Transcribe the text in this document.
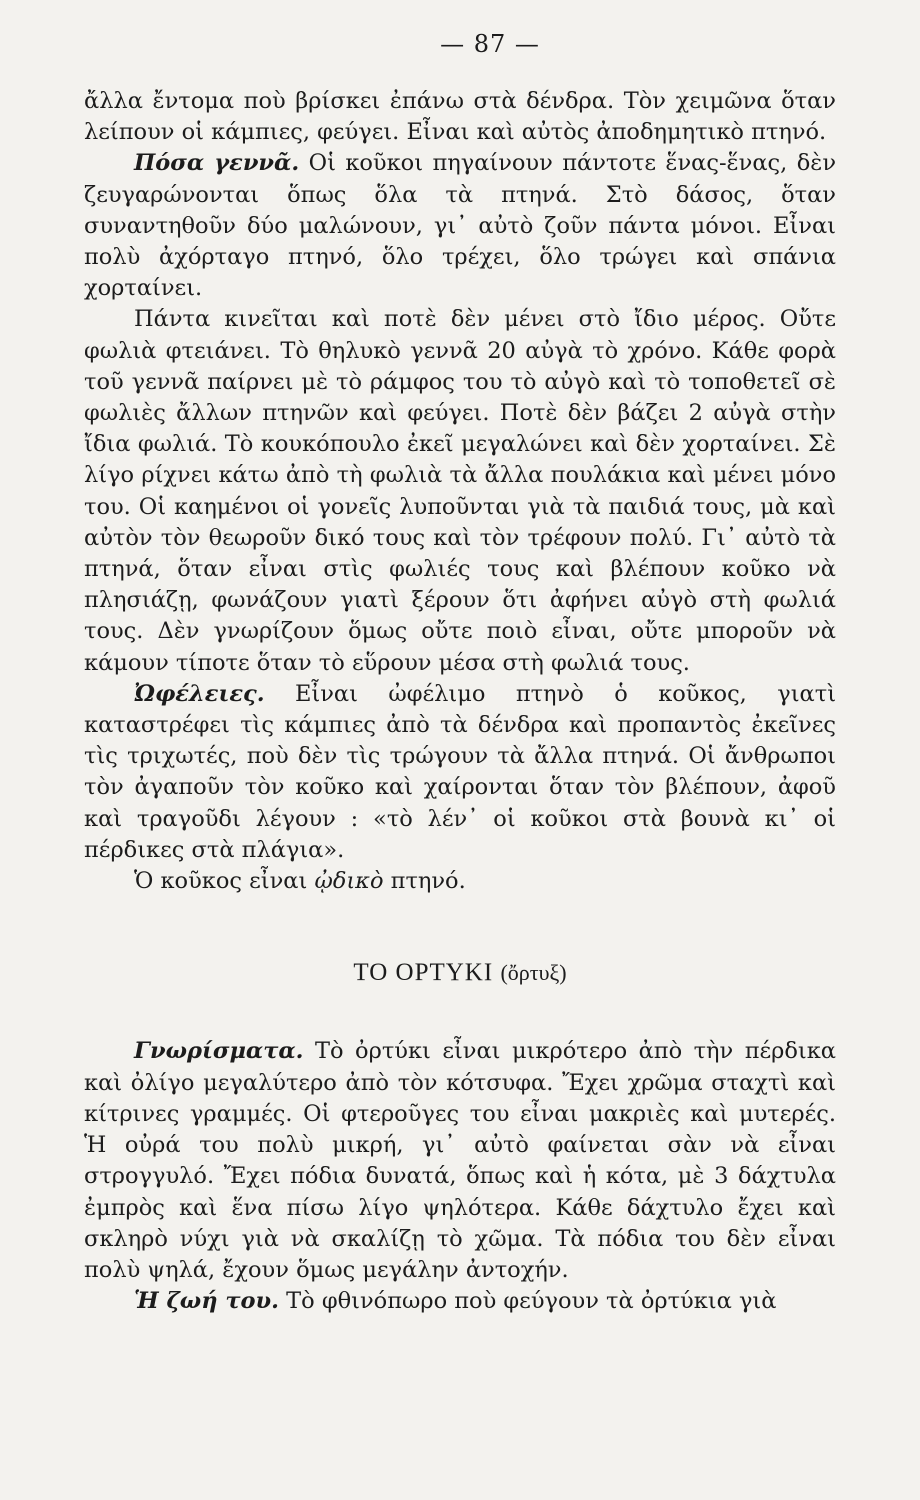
— 87 —

ἄλλα ἔντομα ποὺ βρίσκει ἐπάνω στὰ δένδρα. Τὸν χειμῶνα ὅταν λείπουν οἱ κάμπιες, φεύγει. Εἶναι καὶ αὐτὸς ἀποδημητικὸ πτηνό.

Πόσα γεννᾶ. Οἱ κοῦκοι πηγαίνουν πάντοτε ἕνας-ἕνας, δὲν ζευγαρώνονται ὅπως ὅλα τὰ πτηνά. Στὸ δάσος, ὅταν συναντηθοῦν δύο μαλώνουν, γι᾽ αὐτὸ ζοῦν πάντα μόνοι. Εἶναι πολὺ ἀχόρταγο πτηνό, ὅλο τρέχει, ὅλο τρώγει καὶ σπάνια χορταίνει.

Πάντα κινεῖται καὶ ποτὲ δὲν μένει στὸ ἴδιο μέρος. Οὔτε φωλιὰ φτειάνει. Τὸ θηλυκὸ γεννᾶ 20 αὐγὰ τὸ χρόνο. Κάθε φορὰ τοῦ γεννᾶ παίρνει μὲ τὸ ράμφος του τὸ αὐγὸ καὶ τὸ τοποθετεῖ σὲ φωλιὲς ἄλλων πτηνῶν καὶ φεύγει. Ποτὲ δὲν βάζει 2 αὐγὰ στὴν ἴδια φωλιά. Τὸ κουκόπουλο ἐκεῖ μεγαλώνει καὶ δὲν χορταίνει. Σὲ λίγο ρίχνει κάτω ἀπὸ τὴ φωλιὰ τὰ ἄλλα πουλάκια καὶ μένει μόνο του. Οἱ καημένοι οἱ γονεῖς λυποῦνται γιὰ τὰ παιδιά τους, μὰ καὶ αὐτὸν τὸν θεωροῦν δικό τους καὶ τὸν τρέφουν πολύ. Γι᾽ αὐτὸ τὰ πτηνά, ὅταν εἶναι στὶς φωλιές τους καὶ βλέπουν κοῦκο νὰ πλησιάζῃ, φωνάζουν γιατὶ ξέρουν ὅτι ἀφήνει αὐγὸ στὴ φωλιά τους. Δὲν γνωρίζουν ὅμως οὔτε ποιὸ εἶναι, οὔτε μποροῦν νὰ κάμουν τίποτε ὅταν τὸ εὕρουν μέσα στὴ φωλιά τους.

Ὠφέλειες. Εἶναι ὠφέλιμο πτηνὸ ὁ κοῦκος, γιατὶ καταστρέφει τὶς κάμπιες ἀπὸ τὰ δένδρα καὶ προπαντὸς ἐκεῖνες τὶς τριχωτές, ποὺ δὲν τὶς τρώγουν τὰ ἄλλα πτηνά. Οἱ ἄνθρωποι τὸν ἀγαποῦν τὸν κοῦκο καὶ χαίρονται ὅταν τὸν βλέπουν, ἀφοῦ καὶ τραγοῦδι λέγουν : «τὸ λέν᾽ οἱ κοῦκοι στὰ βουνὰ κι᾽ οἱ πέρδικες στὰ πλάγια».

Ὁ κοῦκος εἶναι ᾠδικὸ πτηνό.

ΤΟ ΟΡΤΥΚΙ (ὄρτυξ)

Γνωρίσματα. Τὸ ὀρτύκι εἶναι μικρότερο ἀπὸ τὴν πέρδικα καὶ ὀλίγο μεγαλύτερο ἀπὸ τὸν κότσυφα. Ἔχει χρῶμα σταχτὶ καὶ κίτρινες γραμμές. Οἱ φτεροῦγες του εἶναι μακριὲς καὶ μυτερές. Ἡ οὐρά του πολὺ μικρή, γι᾽ αὐτὸ φαίνεται σὰν νὰ εἶναι στρογγυλό. Ἔχει πόδια δυνατά, ὅπως καὶ ἡ κότα, μὲ 3 δάχτυλα ἐμπρὸς καὶ ἕνα πίσω λίγο ψηλότερα. Κάθε δάχτυλο ἔχει καὶ σκληρὸ νύχι γιὰ νὰ σκαλίζῃ τὸ χῶμα. Τὰ πόδια του δὲν εἶναι πολὺ ψηλά, ἔχουν ὅμως μεγάλην ἀντοχήν.

Ἡ ζωή του. Τὸ φθινόπωρο ποὺ φεύγουν τὰ ὀρτύκια γιὰ
